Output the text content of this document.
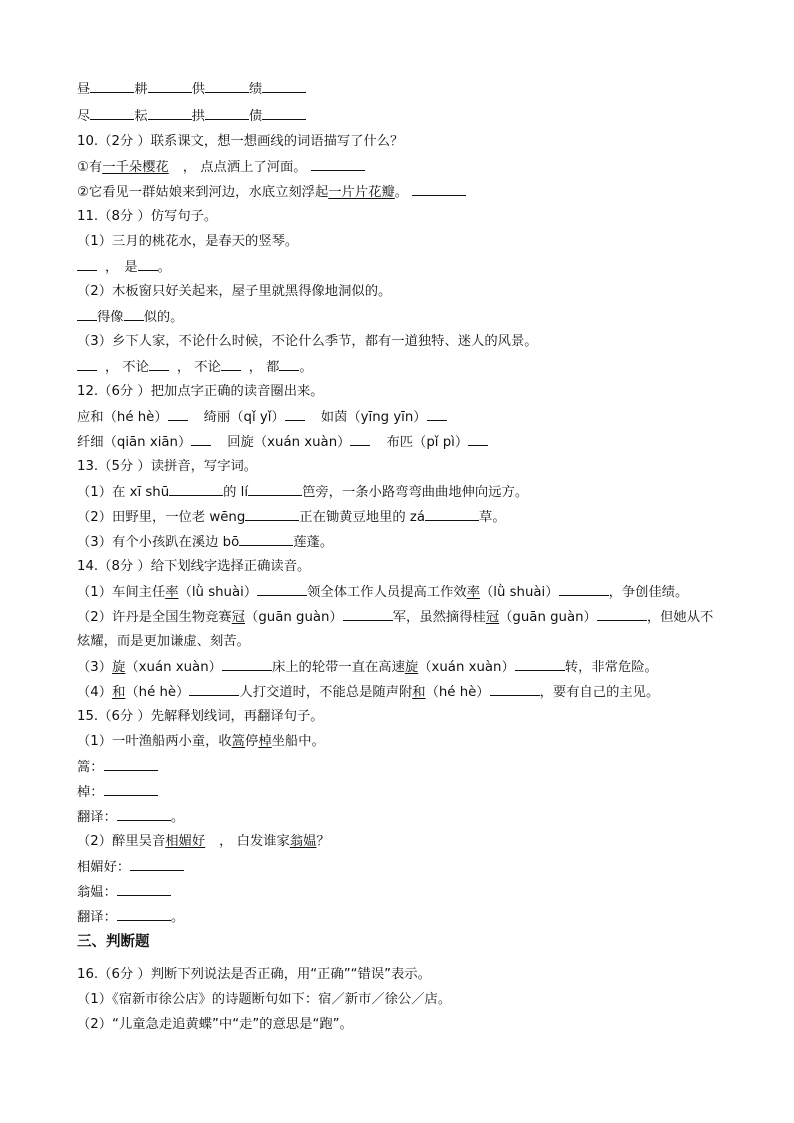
昼	耕	供	绩
尽	耘	拱	债
10.（2分 ）联系课文，想一想画线的词语描写了什么？
①有一千朵樱花 ， 点点洒上了河面。
②它看见一群姑娘来到河边，水底立刻浮起一片片花瓣。
11.（8分 ）仿写句子。
（1）三月的桃花水，是春天的竖琴。
， 是 。
（2）木板窗只好关起来，屋子里就黑得像地洞似的。
得像 似的。
（3）乡下人家，不论什么时候，不论什么季节，都有一道独特、迷人的风景。
， 不论 ， 不论 ， 都 。
12.（6分 ）把加点字正确的读音圈出来。
应和（hé hè）	绮丽（qǐ yǐ）	如茵（yīng yīn）
纤细（qiān xiān）	回旋（xuán xuàn）	布匹（pǐ pì）
13.（5分 ）读拼音，写字词。
（1）在 xī shū	的 lí	笆旁，一条小路弯弯曲曲地伸向远方。
（2）田野里，一位老 wēng	正在锄黄豆地里的 zá	草。
（3）有个小孩趴在溪边 bō	莲蓬。
14.（8分 ）给下划线字选择正确读音。
（1）车间主任率（lǜ shuài）	领全体工作人员提高工作效率（lǜ shuài）	，争创佳绩。
（2）许丹是全国生物竞赛冠（guān guàn）	军，虽然摘得桂冠（guān guàn）	，但她从不
炫耀，而是更加谦虚、刻苦。
（3）旋（xuán xuàn）	床上的轮带一直在高速旋（xuán xuàn）	转，非常危险。
（4）和（hé hè）	人打交道时，不能总是随声附和（hé hè）	，要有自己的主见。
15.（6分 ）先解释划线词，再翻译句子。
（1）一叶渔船两小童，收篙停棹坐船中。
篙：
棹：
翻译：	。
（2）醉里吴音相媚好 ， 白发谁家翁媪？
相媚好：
翁媪：
翻译：	。
三、判断题
16.（6分 ）判断下列说法是否正确，用“正确”“错误”表示。
（1）《宿新市徐公店》的诗题断句如下：宿／新市／徐公／店。
（2）“儿童急走追黄蝶”中“走”的意思是“跑”。
